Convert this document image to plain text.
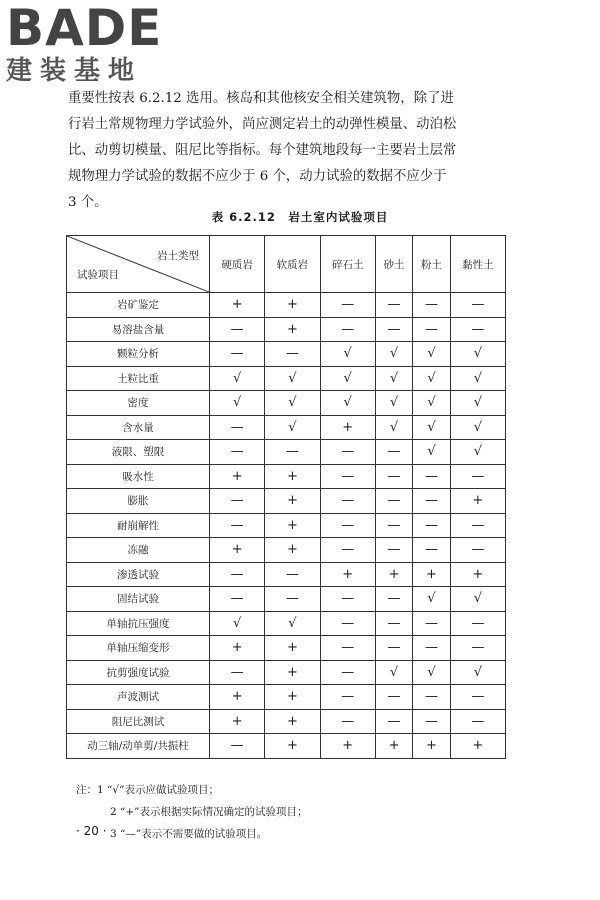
BADE
建装基地
重要性按表 6.2.12 选用。核岛和其他核安全相关建筑物，除了进
行岩土常规物理力学试验外，尚应测定岩土的动弹性模量、动泊松
比、动剪切模量、阻尼比等指标。每个建筑地段每一主要岩土层常
规物理力学试验的数据不应少于 6 个，动力试验的数据不应少于
3 个。
表 6.2.12　岩土室内试验项目
岩土类型
试验项目	硬质岩	软质岩	碎石土	砂土	粉土	黏性土
岩矿鉴定	+	+	—	—	—	—
易溶盐含量	—	+	—	—	—	—
颗粒分析	—	—	√	√	√	√
土粒比重	√	√	√	√	√	√
密度	√	√	√	√	√	√
含水量	—	√	+	√	√	√
液限、塑限	—	—	—	—	√	√
吸水性	+	+	—	—	—	—
膨胀	—	+	—	—	—	+
耐崩解性	—	+	—	—	—	—
冻融	+	+	—	—	—	—
渗透试验	—	—	+	+	+	+
固结试验	—	—	—	—	√	√
单轴抗压强度	√	√	—	—	—	—
单轴压缩变形	+	+	—	—	—	—
抗剪强度试验	—	+	—	√	√	√
声波测试	+	+	—	—	—	—
阻尼比测试	+	+	—	—	—	—
动三轴/动单剪/共振柱	—	+	+	+	+	+
注：1 “√”表示应做试验项目；
2 “+”表示根据实际情况确定的试验项目；
3 “—”表示不需要做的试验项目。
· 20 ·
